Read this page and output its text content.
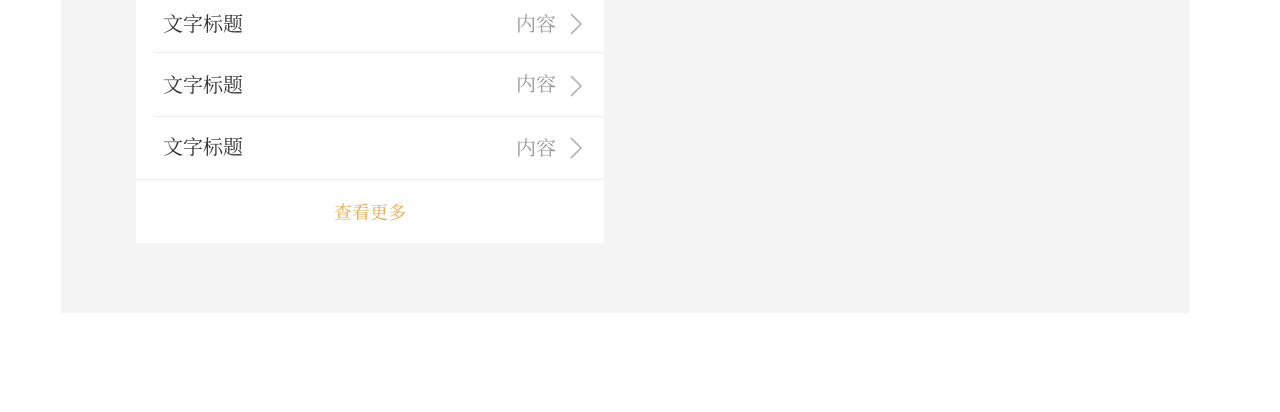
文字标题	内容
文字标题	内容
文字标题	内容
查看更多
